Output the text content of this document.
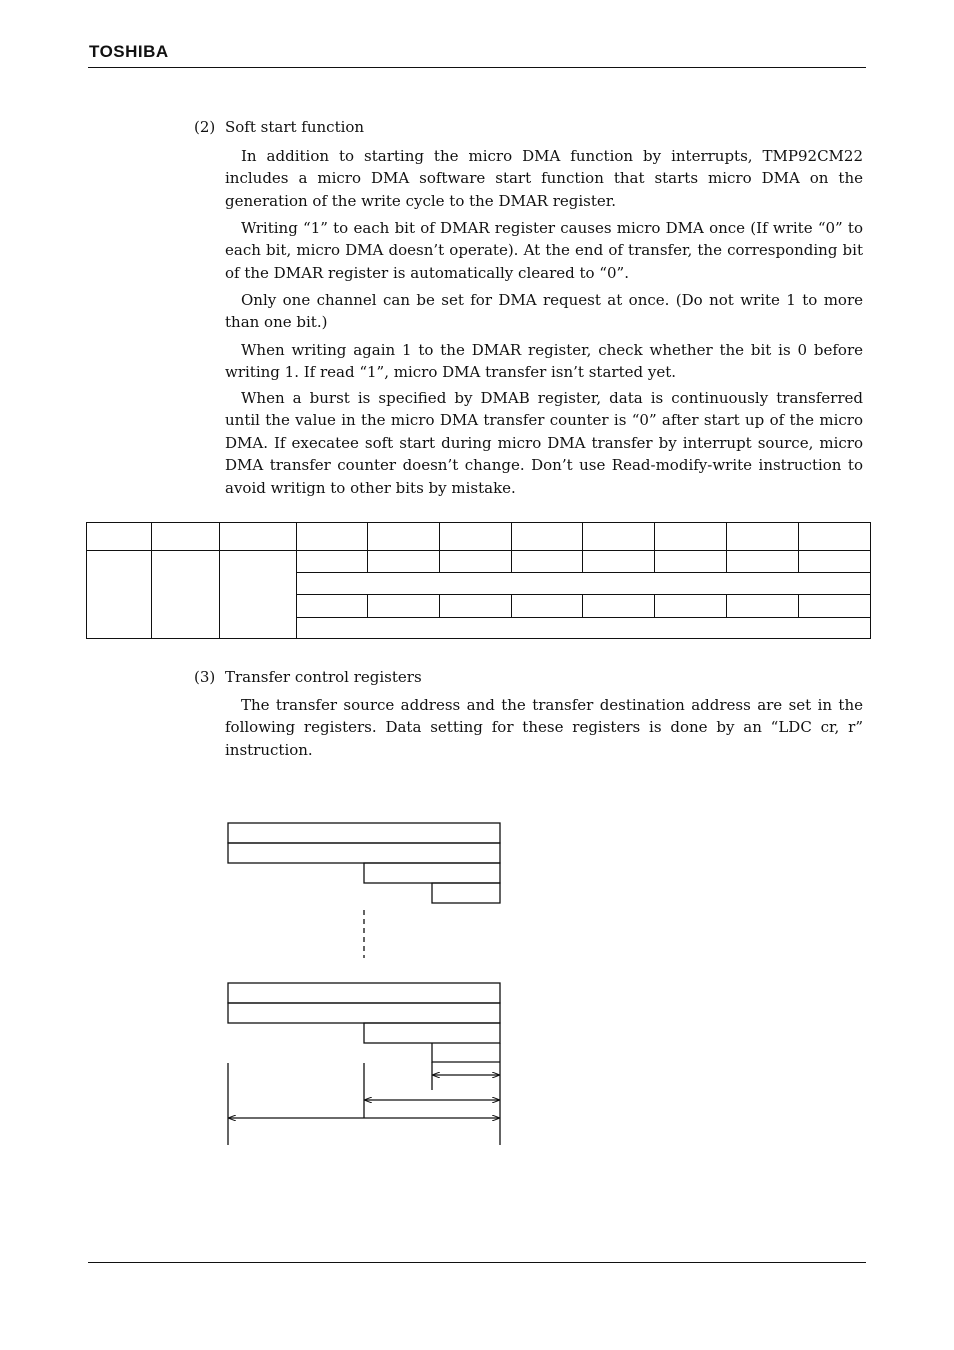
TOSHIBA
(2) Soft start function

In addition to starting the micro DMA function by interrupts, TMP92CM22 includes a micro DMA software start function that starts micro DMA on the generation of the write cycle to the DMAR register.

Writing “1” to each bit of DMAR register causes micro DMA once (If write “0” to each bit, micro DMA doesn’t operate). At the end of transfer, the corresponding bit of the DMAR register is automatically cleared to “0”.

Only one channel can be set for DMA request at once. (Do not write 1 to more than one bit.)

When writing again 1 to the DMAR register, check whether the bit is 0 before writing 1. If read “1”, micro DMA transfer isn’t started yet.

When a burst is specified by DMAB register, data is continuously transferred until the value in the micro DMA transfer counter is “0” after start up of the micro DMA. If execatee soft start during micro DMA transfer by interrupt source, micro DMA transfer counter doesn’t change. Don’t use Read-modify-write instruction to avoid writign to other bits by mistake.

(3) Transfer control registers

The transfer source address and the transfer destination address are set in the following registers. Data setting for these registers is done by an “LDC cr, r” instruction.
